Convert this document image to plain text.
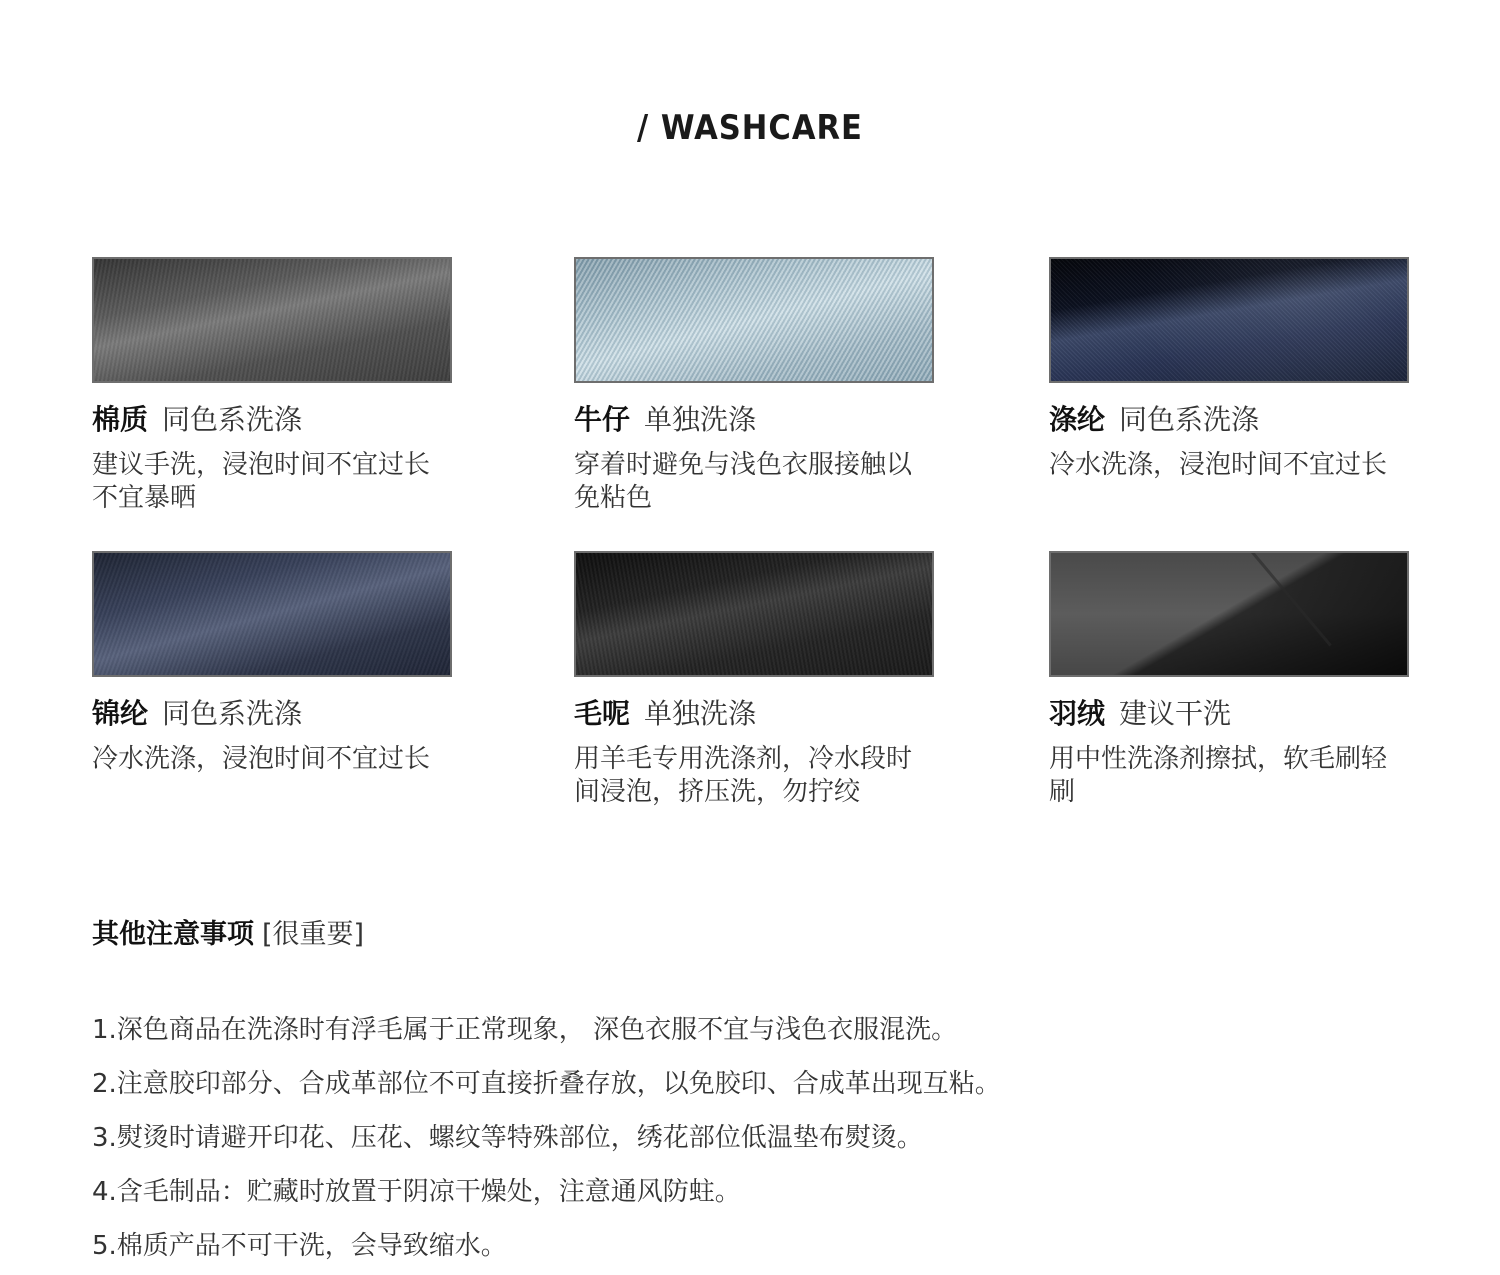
/ WASHCARE
棉质 同色系洗涤
建议手洗，浸泡时间不宜过长
不宜暴晒
牛仔 单独洗涤
穿着时避免与浅色衣服接触以
免粘色
涤纶 同色系洗涤
冷水洗涤，浸泡时间不宜过长
锦纶 同色系洗涤
冷水洗涤，浸泡时间不宜过长
毛呢 单独洗涤
用羊毛专用洗涤剂，冷水段时
间浸泡，挤压洗，勿拧绞
羽绒 建议干洗
用中性洗涤剂擦拭，软毛刷轻
刷
其他注意事项 [很重要]
1.深色商品在洗涤时有浮毛属于正常现象， 深色衣服不宜与浅色衣服混洗。
2.注意胶印部分、合成革部位不可直接折叠存放，以免胶印、合成革出现互粘。
3.熨烫时请避开印花、压花、螺纹等特殊部位，绣花部位低温垫布熨烫。
4.含毛制品：贮藏时放置于阴凉干燥处，注意通风防蛀。
5.棉质产品不可干洗，会导致缩水。
